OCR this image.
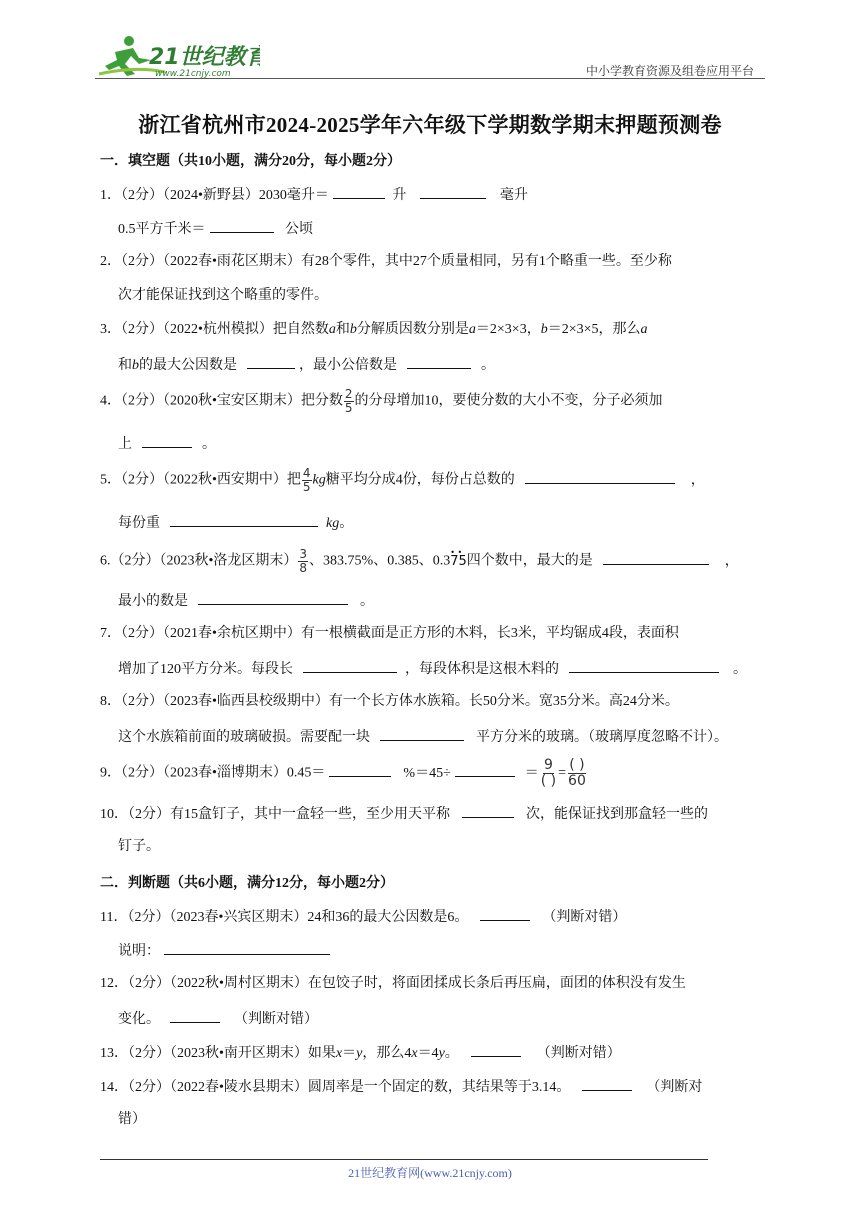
21世纪教育
www.21cnjy.com	中小学教育资源及组卷应用平台
浙江省杭州市2024-2025学年六年级下学期数学期末押题预测卷
一．填空题（共10小题，满分20分，每小题2分）
1．（2分）（2024•新野县）2030毫升＝	升	毫升
0.5平方千米＝	公顷
2．（2分）（2022春•雨花区期末）有28个零件，其中27个质量相同，另有1个略重一些。至少称
次才能保证找到这个略重的零件。
3．（2分）（2022•杭州模拟）把自然数a和b分解质因数分别是a＝2×3×3，b＝2×3×5，那么a
和b的最大公因数是	，最小公倍数是	。
4．（2分）（2020秋•宝安区期末）把分数 $\frac{2}{5}$ 的分母增加10，要使分数的大小不变，分子必须加
上	。
5．（2分）（2022秋•西安期中）把 $\frac{4}{5}$ kg糖平均分成4份，每份占总数的	，
每份重	kg。
6.（2分）（2023秋•洛龙区期末） $\frac{3}{8}$ 、383.75%、0.385、0.3• • 75四个数中，最大的是	，
最小的数是	。
7．（2分）（2021春•余杭区期中）有一根横截面是正方形的木料，长3米，平均锯成4段，表面积
增加了120平方分米。每段长	，每段体积是这根木料的	。
8．（2分）（2023春•临西县校级期中）有一个长方体水族箱。长50分米。宽35分米。高24分米。
这个水族箱前面的玻璃破损。需要配一块	平方分米的玻璃。（玻璃厚度忽略不计）。
9．（2分）（2023春•淄博期末）0.45＝	%＝45÷	＝ $\frac{9}{( )} = \frac{( )}{60}$
10．（2分）有15盒钉子，其中一盒轻一些，至少用天平称	次，能保证找到那盒轻一些的
钉子。
二．判断题（共6小题，满分12分，每小题2分）
11．（2分）（2023春•兴宾区期末）24和36的最大公因数是6。	（判断对错）
说明：
12．（2分）（2022秋•周村区期末）在包饺子时，将面团揉成长条后再压扁，面团的体积没有发生
变化。	（判断对错）
13．（2分）（2023秋•南开区期末）如果x＝y，那么4x＝4y。	（判断对错）
14．（2分）（2022春•陵水县期末）圆周率是一个固定的数，其结果等于3.14。	（判断对
错）
21世纪教育网(www.21cnjy.com)
